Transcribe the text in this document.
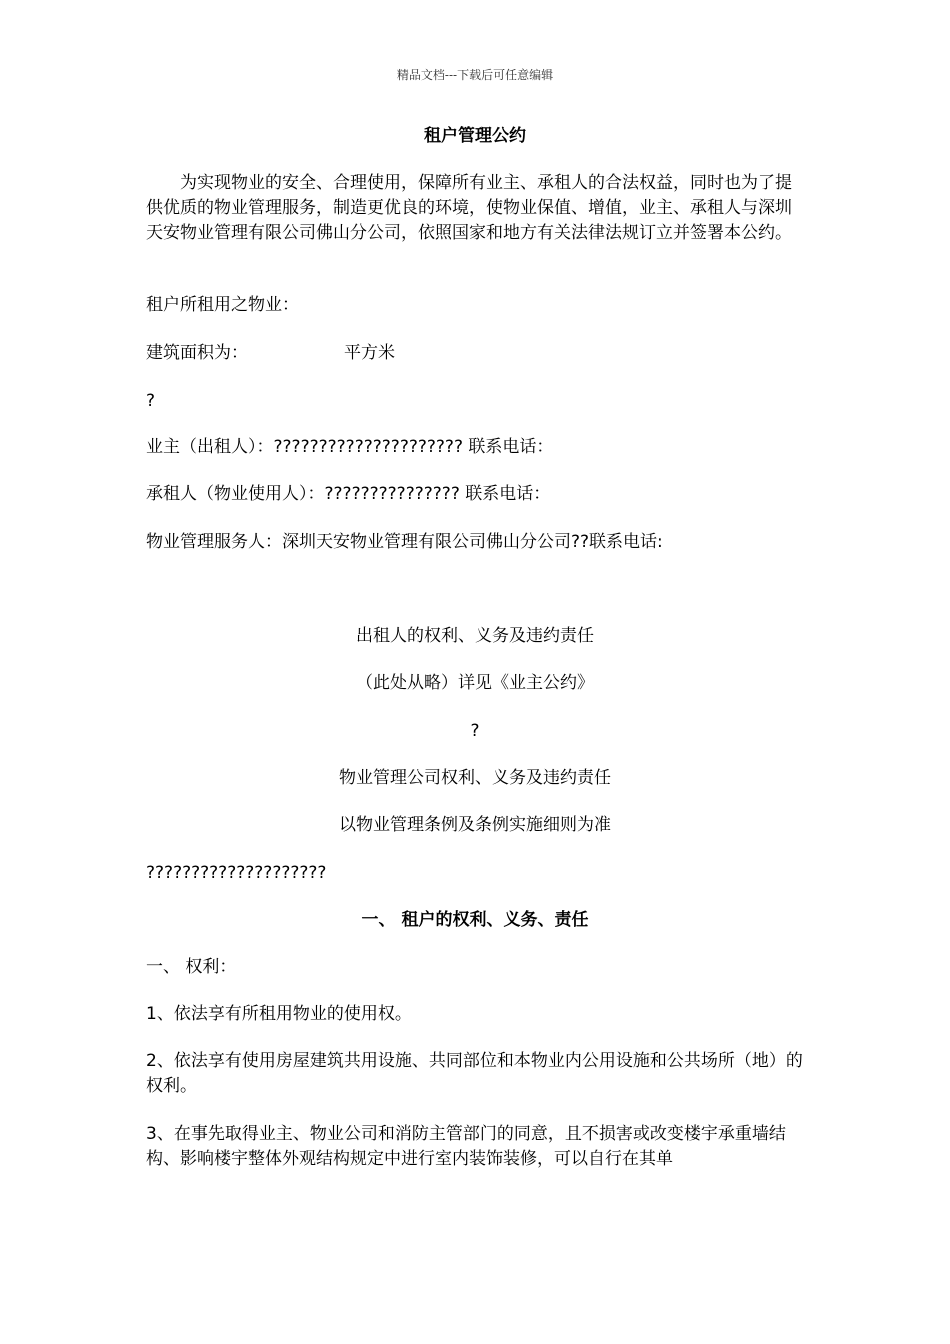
精品文档---下载后可任意编辑
租户管理公约
为实现物业的安全、合理使用，保障所有业主、承租人的合法权益，同时也为了提供优质的物业管理服务，制造更优良的环境，使物业保值、增值，业主、承租人与深圳天安物业管理有限公司佛山分公司，依照国家和地方有关法律法规订立并签署本公约。
租户所租用之物业：
建筑面积为：	平方米
?
业主（出租人）：????????????????????? 联系电话：
承租人（物业使用人）：??????????????? 联系电话：
物业管理服务人：深圳天安物业管理有限公司佛山分公司??联系电话:
出租人的权利、义务及违约责任
（此处从略）详见《业主公约》
?
物业管理公司权利、义务及违约责任
以物业管理条例及条例实施细则为准
????????????????????
一、 租户的权利、义务、责任
一、 权利：
1、依法享有所租用物业的使用权。
2、依法享有使用房屋建筑共用设施、共同部位和本物业内公用设施和公共场所（地）的权利。
3、在事先取得业主、物业公司和消防主管部门的同意，且不损害或改变楼宇承重墙结构、影响楼宇整体外观结构规定中进行室内装饰装修，可以自行在其单
